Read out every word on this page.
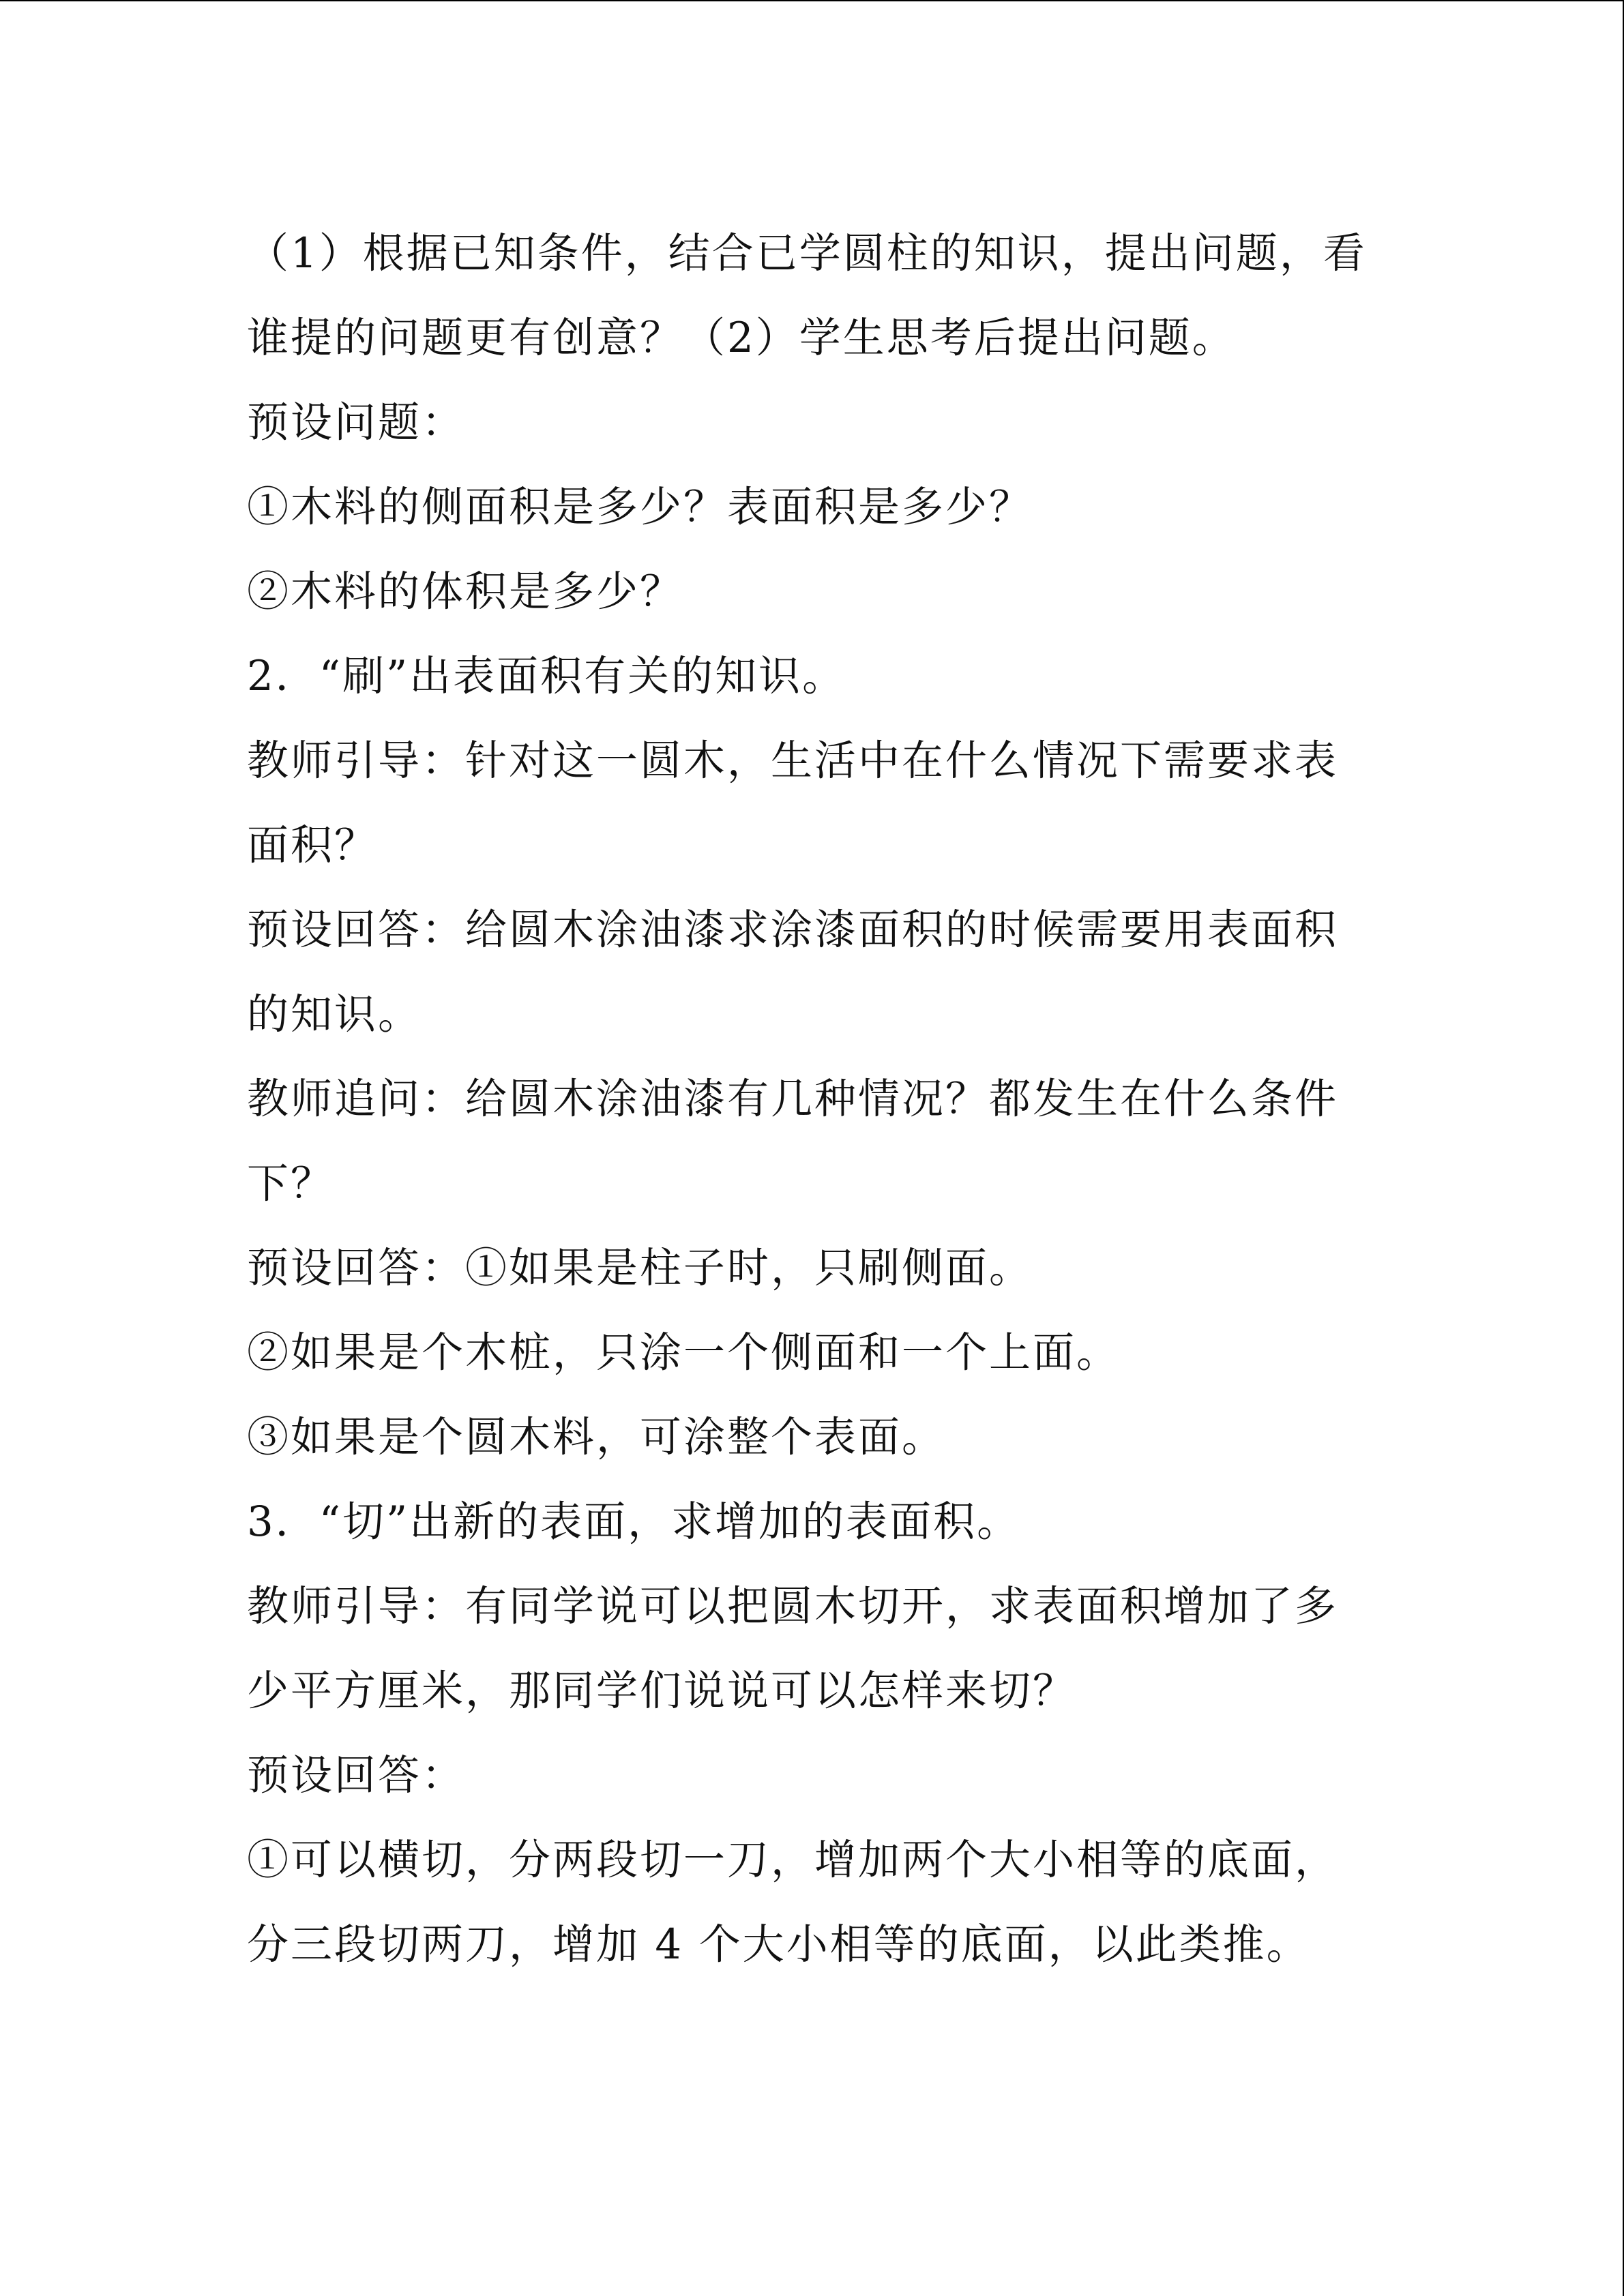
（1）根据已知条件，结合已学圆柱的知识，提出问题，看

谁提的问题更有创意？（2）学生思考后提出问题。

预设问题：

①木料的侧面积是多少？表面积是多少？

②木料的体积是多少？

2．“刷”出表面积有关的知识。

教师引导：针对这一圆木，生活中在什么情况下需要求表

面积？

预设回答：给圆木涂油漆求涂漆面积的时候需要用表面积

的知识。

教师追问：给圆木涂油漆有几种情况？都发生在什么条件

下？

预设回答：①如果是柱子时，只刷侧面。

②如果是个木桩，只涂一个侧面和一个上面。

③如果是个圆木料，可涂整个表面。

3．“切”出新的表面，求增加的表面积。

教师引导：有同学说可以把圆木切开，求表面积增加了多

少平方厘米，那同学们说说可以怎样来切？

预设回答：

①可以横切，分两段切一刀，增加两个大小相等的底面，

分三段切两刀，增加 4 个大小相等的底面，以此类推。
